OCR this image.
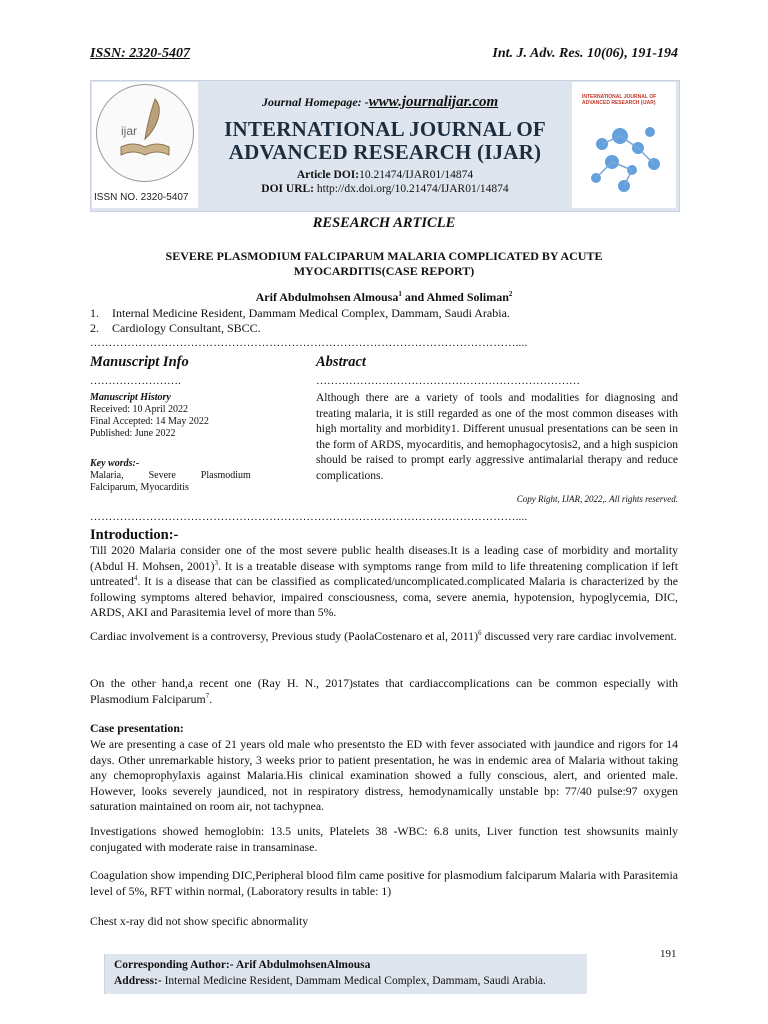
ISSN: 2320-5407	Int. J. Adv. Res. 10(06), 191-194
ijar
ISSN NO. 2320-5407
INTERNATIONAL JOURNAL OF ADVANCED RESEARCH (IJAR)
Journal Homepage: -www.journalijar.com
INTERNATIONAL JOURNAL OF
ADVANCED RESEARCH (IJAR)
Article DOI:10.21474/IJAR01/14874
DOI URL: http://dx.doi.org/10.21474/IJAR01/14874
RESEARCH ARTICLE
SEVERE PLASMODIUM FALCIPARUM MALARIA COMPLICATED BY ACUTE
MYOCARDITIS(CASE REPORT)
Arif Abdulmohsen Almousa$^1$ and Ahmed Soliman$^2$
1. Internal Medicine Resident, Dammam Medical Complex, Dammam, Saudi Arabia.
2. Cardiology Consultant, SBCC.
……………………………………………………………………………………………………....
Manuscript Info
…………………….
Manuscript History
Received: 10 April 2022
Final Accepted: 14 May 2022
Published: June 2022
Key words:-
Malaria,          Severe          Plasmodium
Falciparum, Myocarditis
Abstract
………………………………………………………………
Although there are a variety of tools and modalities for diagnosing and treating malaria, it is still regarded as one of the most common diseases with high mortality and morbidity1. Different unusual presentations can be seen in the form of ARDS, myocarditis, and hemophagocytosis2, and a high suspicion should be raised to prompt early aggressive antimalarial therapy and reduce complications.
Copy Right, IJAR, 2022,. All rights reserved.
……………………………………………………………………………………………………....
Introduction:-
Till 2020 Malaria consider one of the most severe public health diseases.It is a leading case of morbidity and mortality (Abdul H. Mohsen, 2001)$^3$. It is a treatable disease with symptoms range from mild to life threatening complication if left untreated$^4$. It is a disease that can be classified as complicated/uncomplicated.complicated Malaria is characterized by the following symptoms altered behavior, impaired consciousness, coma, severe anemia, hypotension, hypoglycemia, DIC, ARDS, AKI and Parasitemia level of more than 5%.
Cardiac involvement is a controversy, Previous study (PaolaCostenaro et al, 2011)$^6$ discussed very rare cardiac involvement.
On the other hand,a recent one (Ray H. N., 2017)states that cardiaccomplications can be common especially with Plasmodium Falciparum$^7$.
Case presentation:
We are presenting a case of 21 years old male who presentsto the ED with fever associated with jaundice and rigors for 14 days. Other unremarkable history, 3 weeks prior to patient presentation, he was in endemic area of Malaria without taking any chemoprophylaxis against Malaria.His clinical examination showed a fully conscious, alert, and oriented male. However, looks severely jaundiced, not in respiratory distress, hemodynamically unstable bp: 77/40 pulse:97 oxygen saturation maintained on room air, not tachypnea.
Investigations showed hemoglobin: 13.5 units, Platelets 38 -WBC: 6.8 units, Liver function test showsunits mainly conjugated with moderate raise in transaminase.
Coagulation show impending DIC,Peripheral blood film came positive for plasmodium falciparum Malaria with Parasitemia level of 5%, RFT within normal, (Laboratory results in table: 1)
Chest x-ray did not show specific abnormality
191
Corresponding Author:- Arif AbdulmohsenAlmousa
Address:- Internal Medicine Resident, Dammam Medical Complex, Dammam, Saudi Arabia.
